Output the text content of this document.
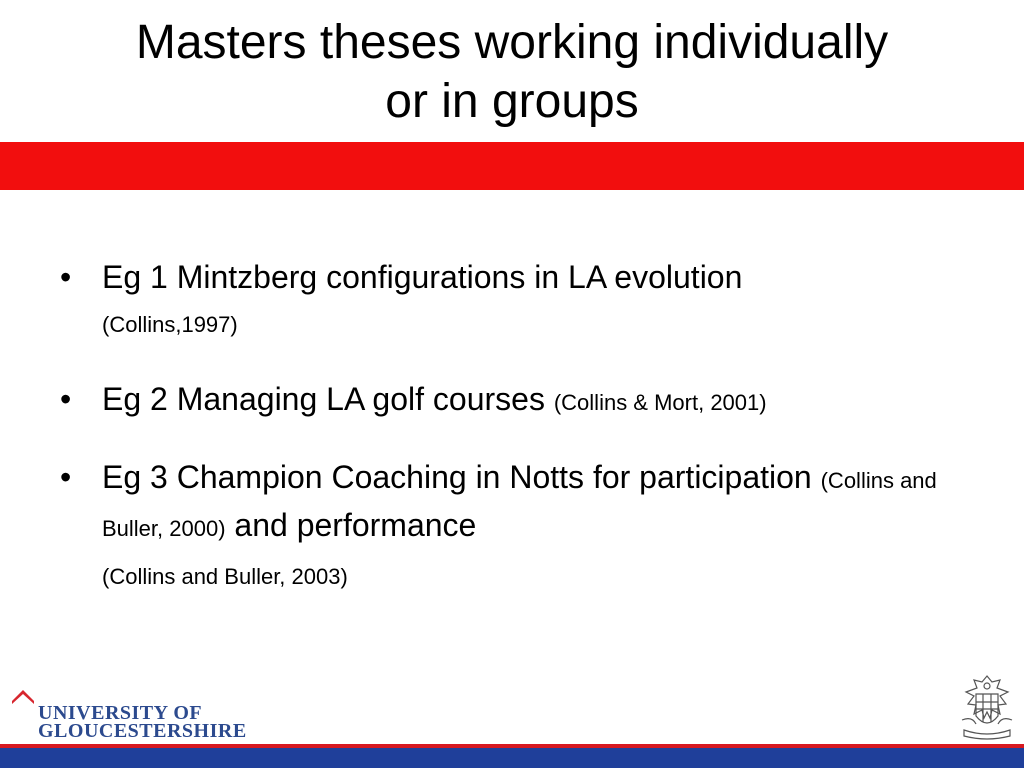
Masters theses working individually
or in groups
• Eg 1 Mintzberg configurations in LA evolution
(Collins,1997)
• Eg 2 Managing LA golf courses (Collins & Mort, 2001)
• Eg 3 Champion Coaching in Notts for participation (Collins and Buller, 2000) and performance
(Collins and Buller, 2003)
UNIVERSITY OF
GLOUCESTERSHIRE
